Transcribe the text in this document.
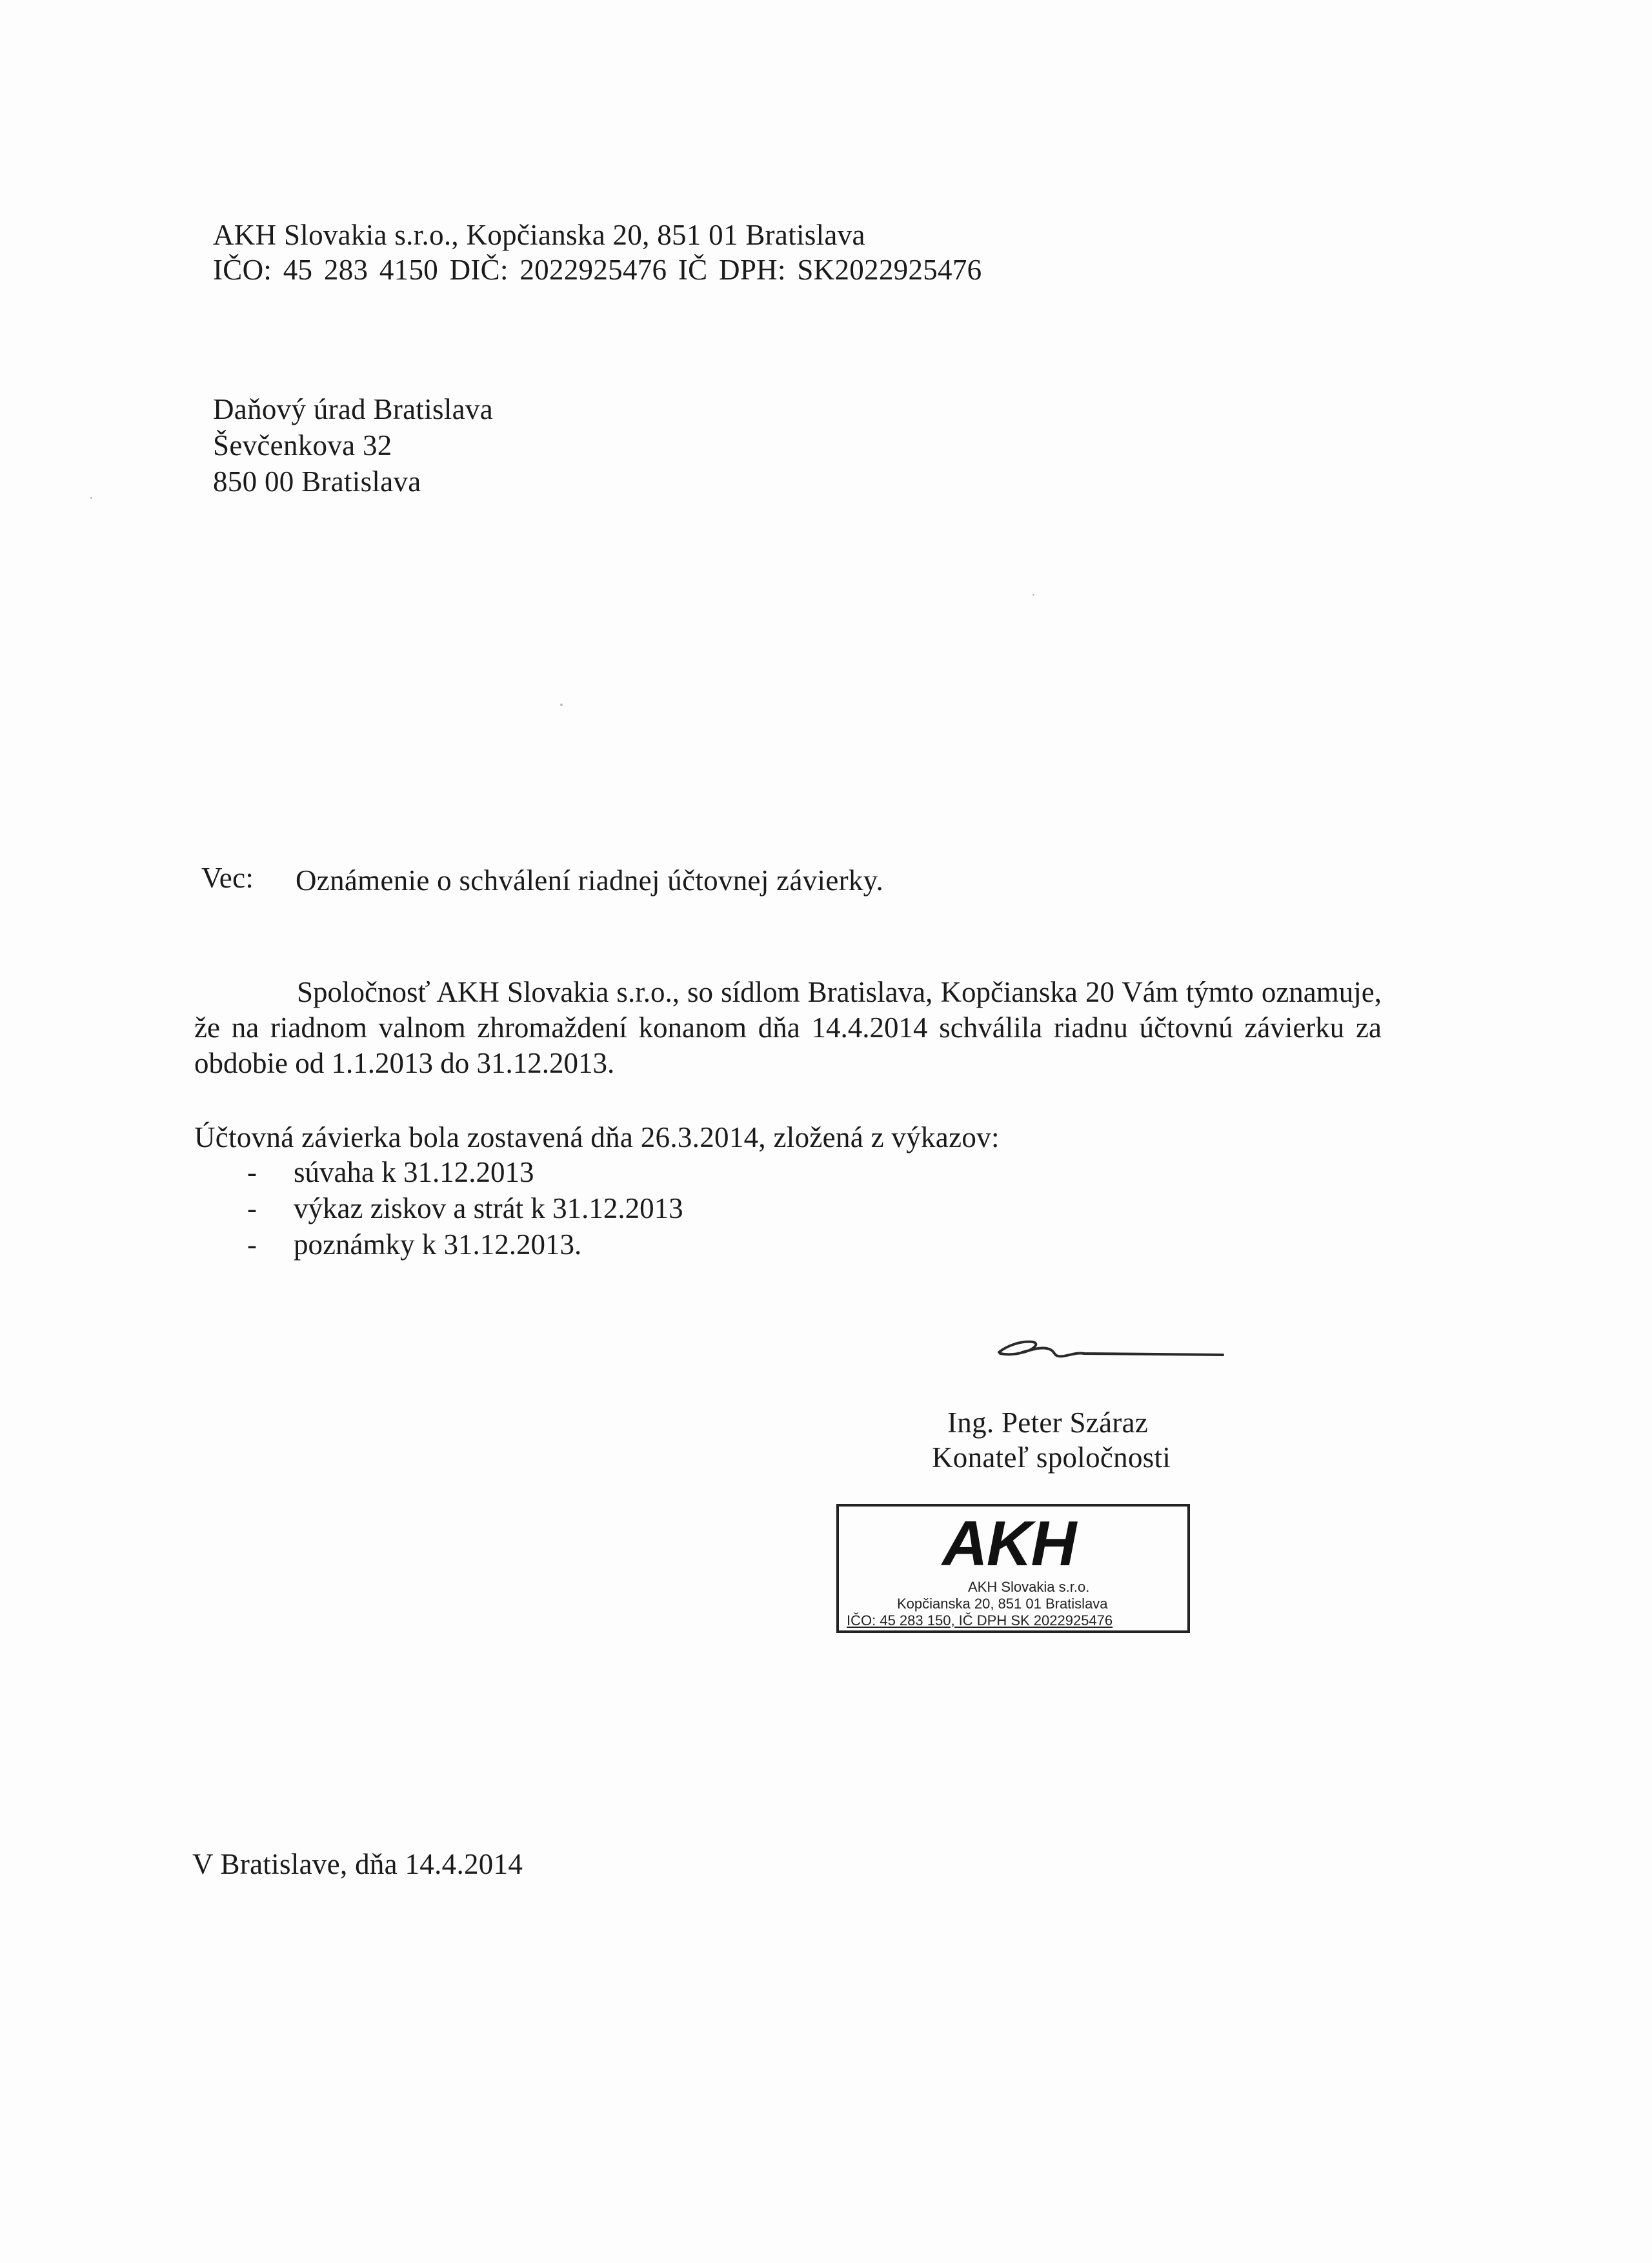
AKH Slovakia s.r.o., Kopčianska 20, 851 01 Bratislava
IČO: 45 283 4150 DIČ: 2022925476 IČ DPH: SK2022925476
Daňový úrad Bratislava
Ševčenkova 32
850 00 Bratislava
Vec: Oznámenie o schválení riadnej účtovnej závierky.
Spoločnosť AKH Slovakia s.r.o., so sídlom Bratislava, Kopčianska 20 Vám týmto oznamuje, že na riadnom valnom zhromaždení konanom dňa 14.4.2014 schválila riadnu účtovnú závierku za obdobie od 1.1.2013 do 31.12.2013.
Účtovná závierka bola zostavená dňa 26.3.2014, zložená z výkazov:
- súvaha k 31.12.2013
- výkaz ziskov a strát k 31.12.2013
- poznámky k 31.12.2013.
Ing. Peter Száraz
Konateľ spoločnosti
AKH
AKH Slovakia s.r.o.
Kopčianska 20, 851 01 Bratislava
IČO: 45 283 150, IČ DPH SK 2022925476
V Bratislave, dňa 14.4.2014
